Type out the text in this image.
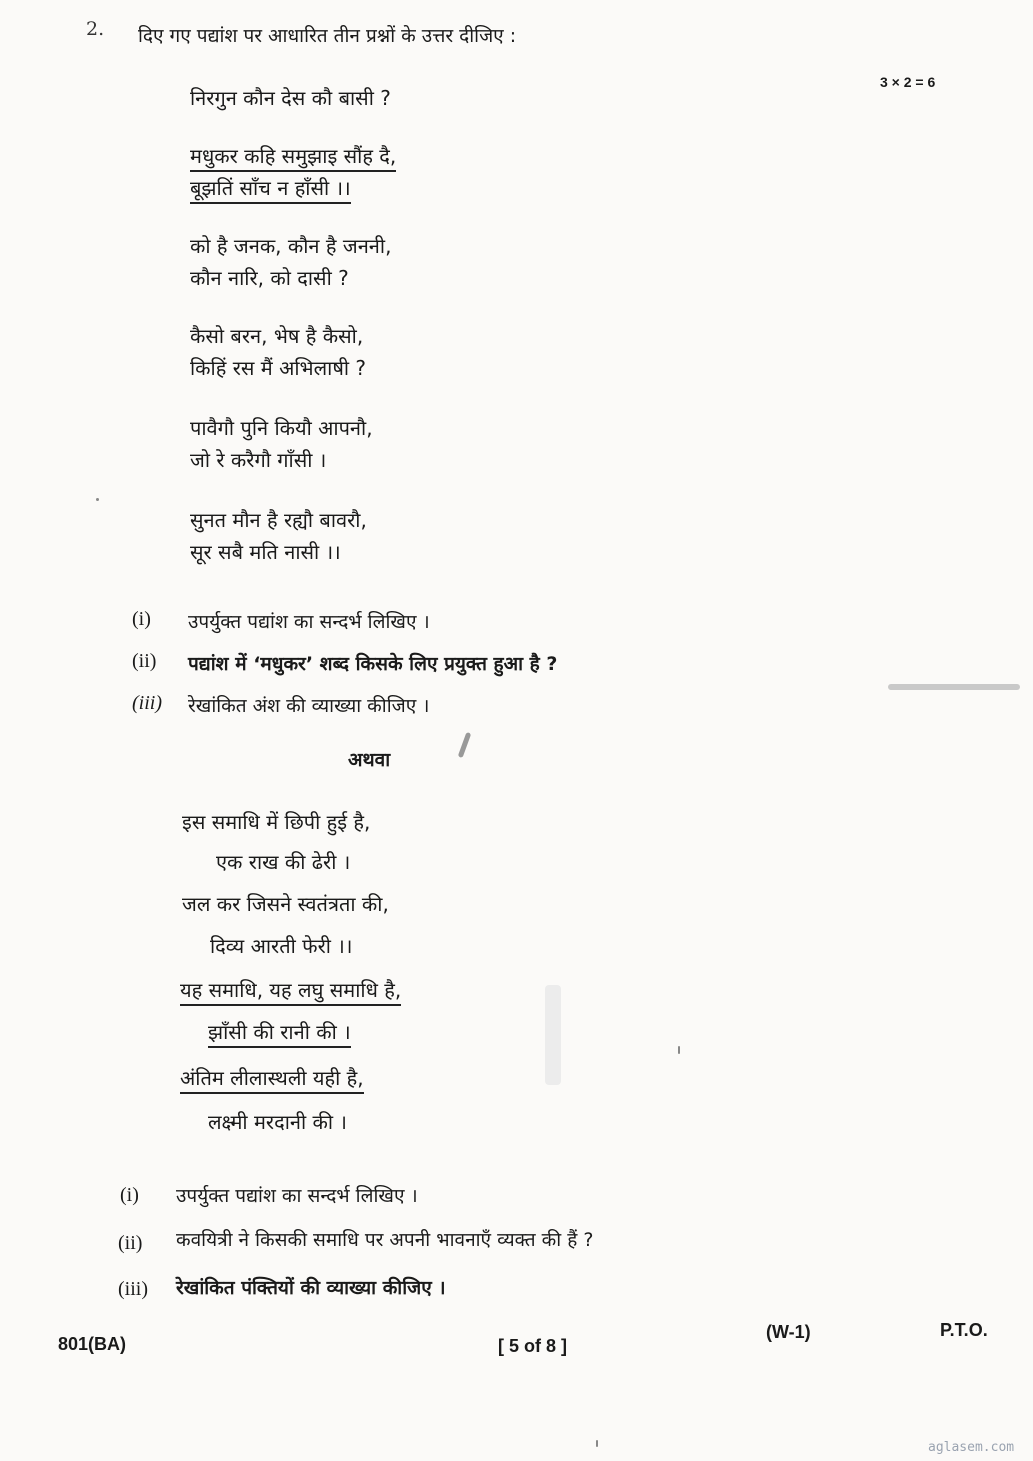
2. दिए गए पद्यांश पर आधारित तीन प्रश्नों के उत्तर दीजिए :
3 × 2 = 6
निरगुन कौन देस कौ बासी ?
मधुकर कहि समुझाइ सौंह दै,
बूझतिं साँच न हाँसी ।।
को है जनक, कौन है जननी,
कौन नारि, को दासी ?
कैसो बरन, भेष है कैसो,
किहिं रस मैं अभिलाषी ?
पावैगौ पुनि कियौ आपनौ,
जो रे करैगौ गाँसी ।
सुनत मौन है रह्यौ बावरौ,
सूर सबै मति नासी ।।
(i) उपर्युक्त पद्यांश का सन्दर्भ लिखिए ।
(ii) पद्यांश में ‘मधुकर’ शब्द किसके लिए प्रयुक्त हुआ है ?
(iii) रेखांकित अंश की व्याख्या कीजिए ।
अथवा
इस समाधि में छिपी हुई है,
एक राख की ढेरी ।
जल कर जिसने स्वतंत्रता की,
दिव्य आरती फेरी ।।
यह समाधि, यह लघु समाधि है,
झाँसी की रानी की ।
अंतिम लीलास्थली यही है,
लक्ष्मी मरदानी की ।
(i) उपर्युक्त पद्यांश का सन्दर्भ लिखिए ।
(ii) कवयित्री ने किसकी समाधि पर अपनी भावनाएँ व्यक्त की हैं ?
(iii) रेखांकित पंक्तियों की व्याख्या कीजिए ।
801(BA)	[ 5 of 8 ]
(W-1)	P.T.O.
aglasem.com
